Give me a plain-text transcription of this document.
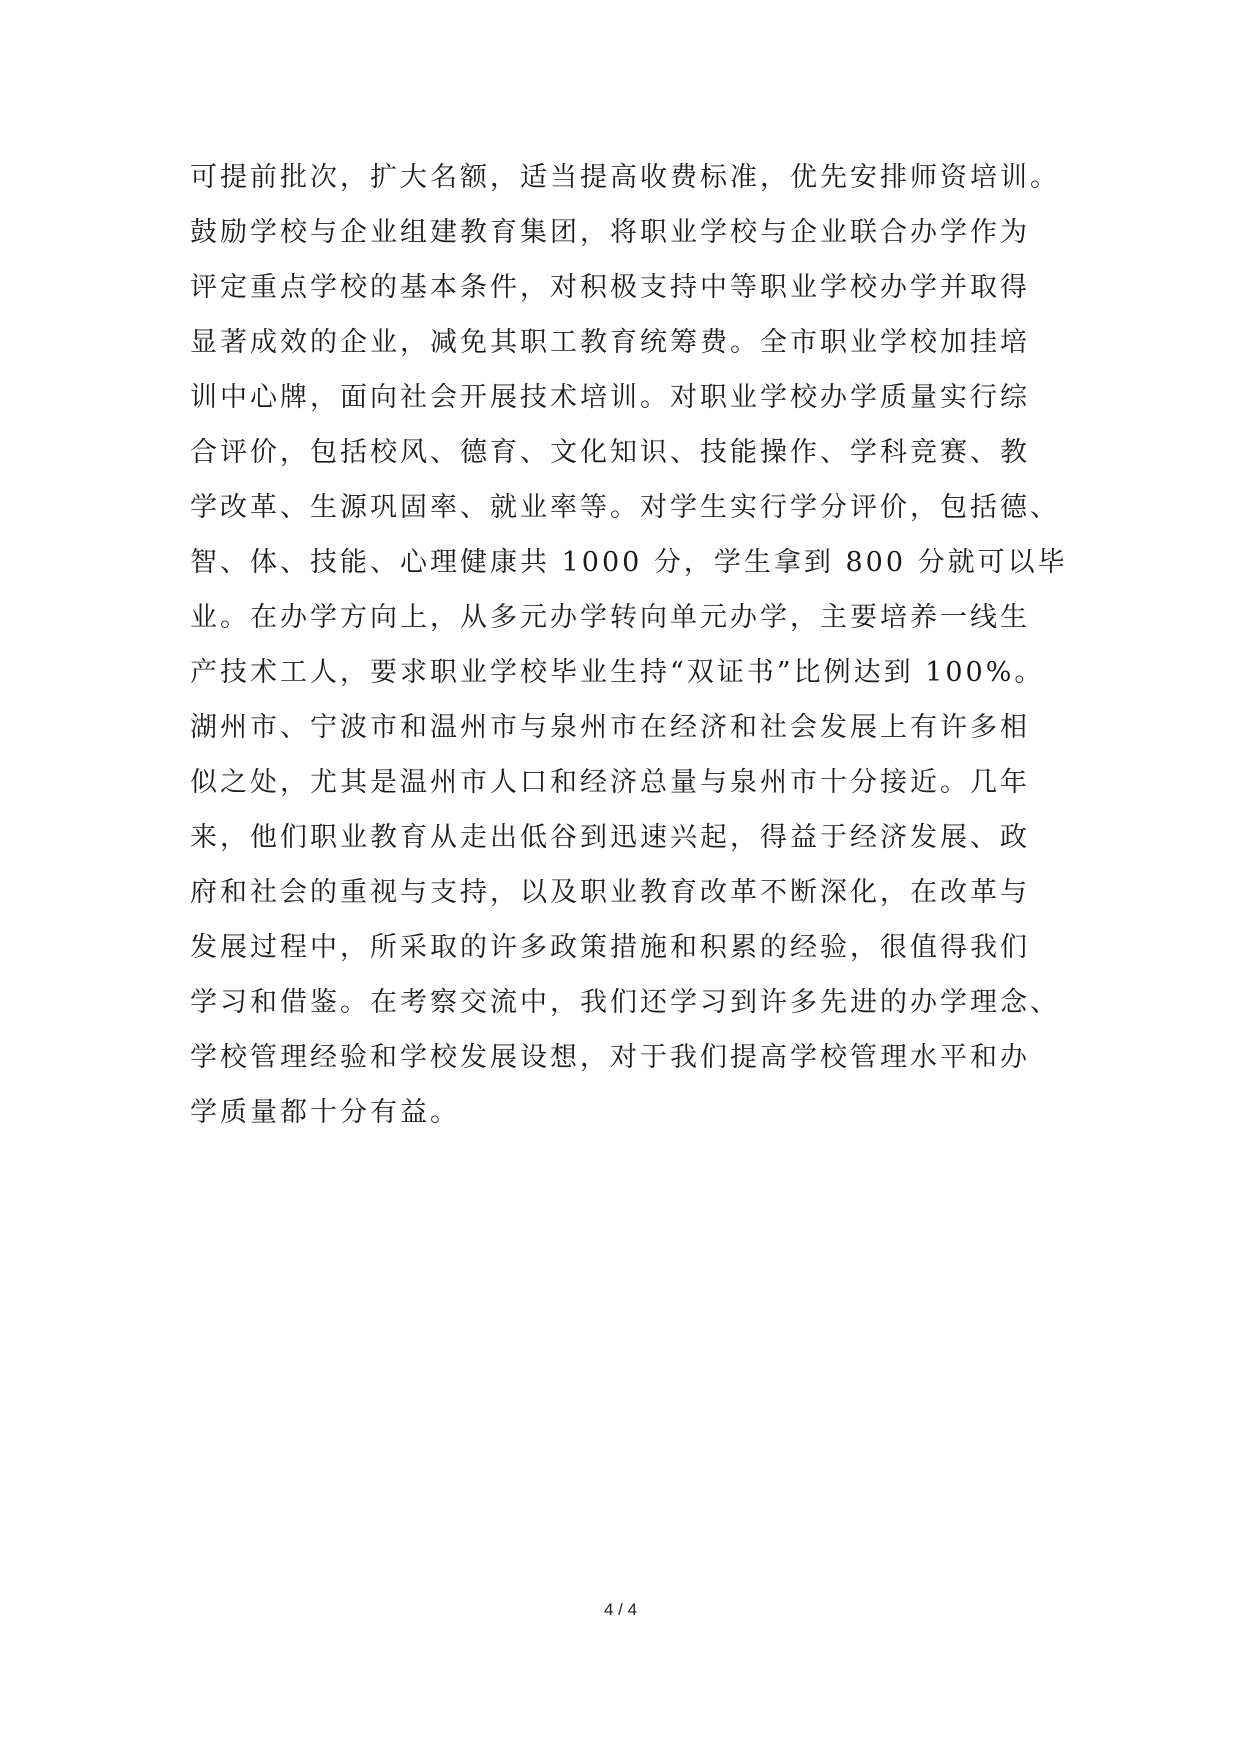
可提前批次，扩大名额，适当提高收费标准，优先安排师资培训。
鼓励学校与企业组建教育集团，将职业学校与企业联合办学作为
评定重点学校的基本条件，对积极支持中等职业学校办学并取得
显著成效的企业，减免其职工教育统筹费。全市职业学校加挂培
训中心牌，面向社会开展技术培训。对职业学校办学质量实行综
合评价，包括校风、德育、文化知识、技能操作、学科竞赛、教
学改革、生源巩固率、就业率等。对学生实行学分评价，包括德、
智、体、技能、心理健康共 1000 分，学生拿到 800 分就可以毕
业。在办学方向上，从多元办学转向单元办学，主要培养一线生
产技术工人，要求职业学校毕业生持“双证书”比例达到 100%。
湖州市、宁波市和温州市与泉州市在经济和社会发展上有许多相
似之处，尤其是温州市人口和经济总量与泉州市十分接近。几年
来，他们职业教育从走出低谷到迅速兴起，得益于经济发展、政
府和社会的重视与支持，以及职业教育改革不断深化，在改革与
发展过程中，所采取的许多政策措施和积累的经验，很值得我们
学习和借鉴。在考察交流中，我们还学习到许多先进的办学理念、
学校管理经验和学校发展设想，对于我们提高学校管理水平和办
学质量都十分有益。
4 / 4
